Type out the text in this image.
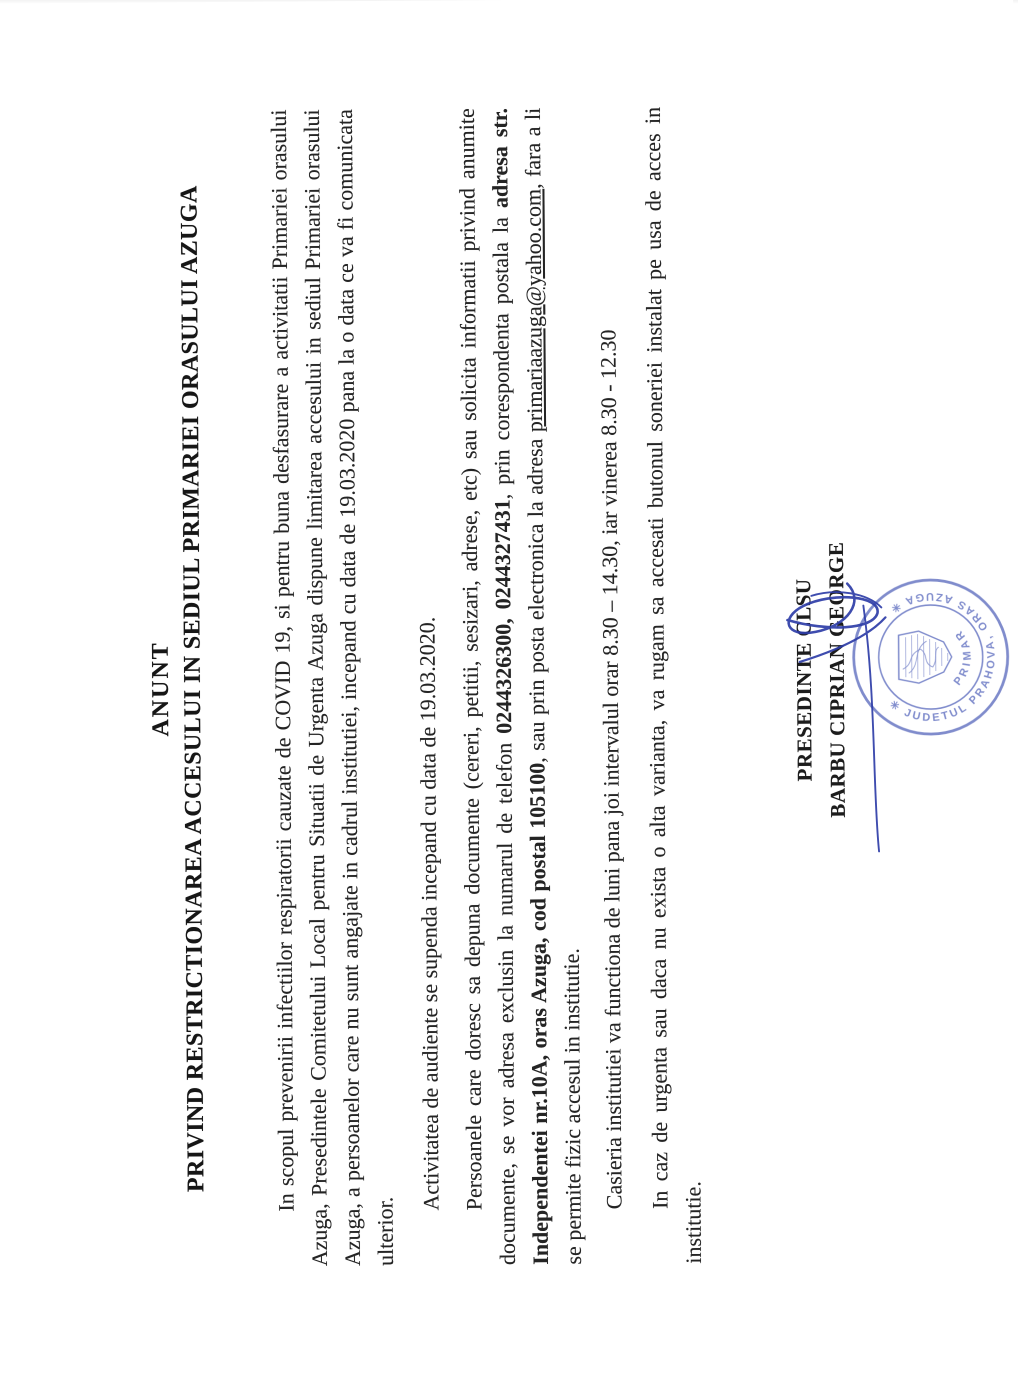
ANUNT PRIVIND RESTRICTIONAREA ACCESULUI IN SEDIUL PRIMARIEI ORASULUI AZUGA	In scopul prevenirii infectiilor respiratorii cauzate de COVID 19, si pentru buna desfasurare a activitatii Primariei orasului Azuga, Presedintele Comitetului Local pentru Situatii de Urgenta Azuga dispune limitarea accesului in sediul Primariei orasului Azuga, a persoanelor care nu sunt angajate in cadrul institutiei, incepand cu data de 19.03.2020 pana la o data ce va fi comunicata ulterior.

Activitatea de audiente se supenda incepand cu data de 19.03.2020. Persoanele care doresc sa depuna documente (cereri, petitii, sesizari, adrese, etc) sau solicita informatii privind anumite documente, se vor adresa exclusin la numarul de telefon 0244326300, 0244327431, prin corespondenta postala la adresa str. Independentei nr.10A, oras Azuga, cod postal 105100, sau prin posta electronica la adresa primariaazuga@yahoo.com, fara a li se permite fizic accesul in institutie. Casieria institutiei va functiona de luni pana joi intervalul orar 8.30 – 14.30, iar vinerea 8.30 - 12.30 In caz de urgenta sau daca nu exista o alta varianta, va rugam sa accesati butonul soneriei instalat pe usa de acces in institutie.

PRESEDINTE CLSU BARBU CIPRIAN GEORGE	✳ JUDETUL PRAHOVA, ORAS AZUGA ✳
PRIMAR
